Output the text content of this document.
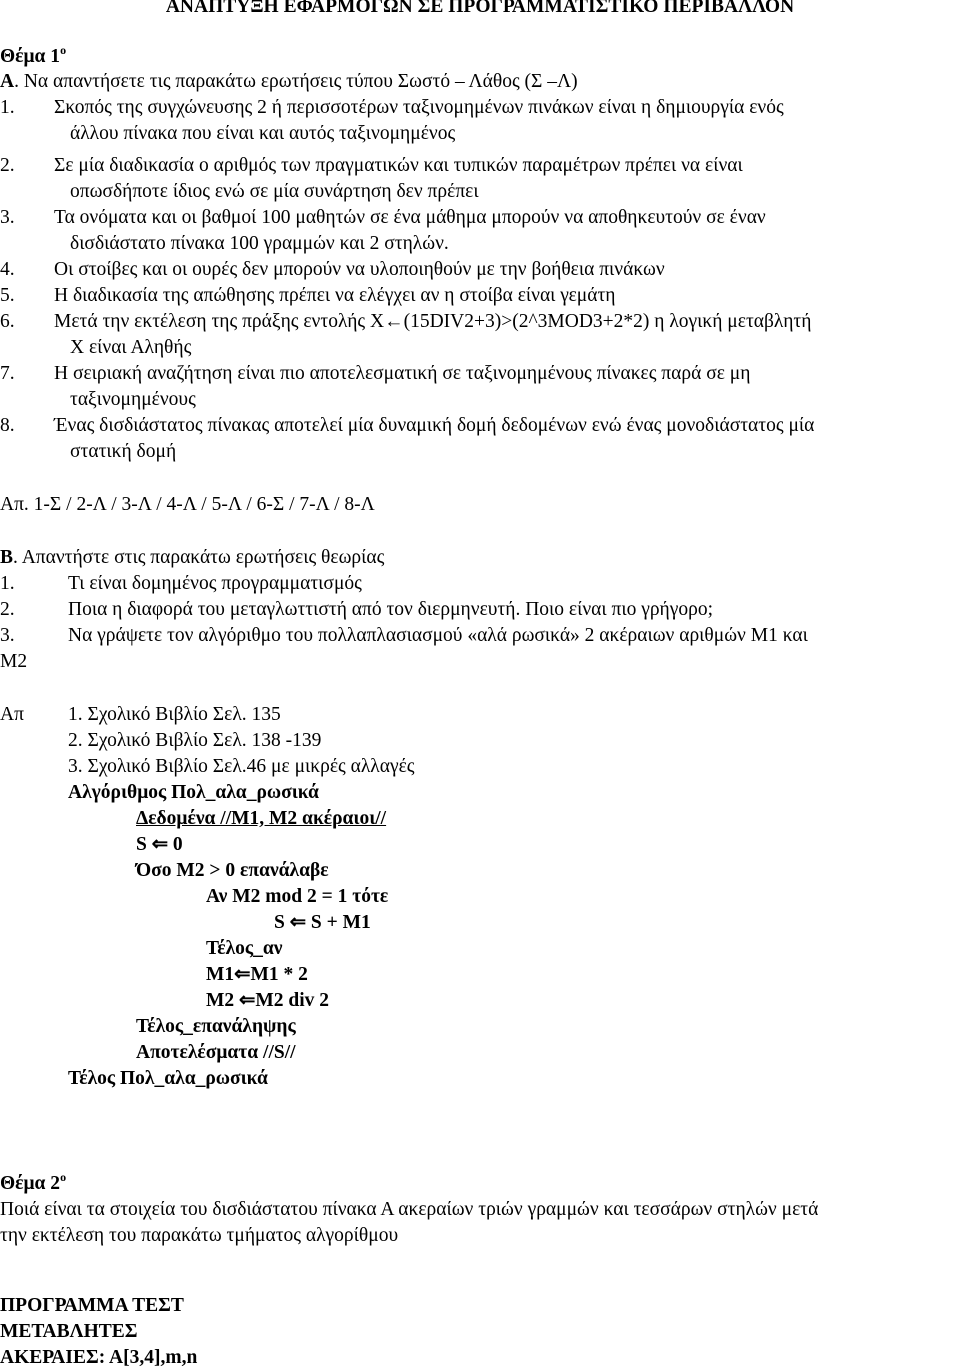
ΑΝΑΠΤΥΞΗ ΕΦΑΡΜΟΓΩΝ ΣΕ ΠΡΟΓΡΑΜΜΑΤΙΣΤΙΚΟ ΠΕΡΙΒΑΛΛΟΝ
Θέμα $1^o$
Α. Να απαντήσετε τις παρακάτω ερωτήσεις τύπου Σωστό – Λάθος (Σ –Λ)
1. Σκοπός της συγχώνευσης 2 ή περισσοτέρων ταξινομημένων πινάκων είναι η δημιουργία ενός
άλλου πίνακα που είναι και αυτός ταξινομημένος
2. Σε μία διαδικασία ο αριθμός των πραγματικών και τυπικών παραμέτρων πρέπει να είναι
οπωσδήποτε ίδιος ενώ σε μία συνάρτηση δεν πρέπει
3. Τα ονόματα και οι βαθμοί 100 μαθητών σε ένα μάθημα μπορούν να αποθηκευτούν σε έναν
δισδιάστατο πίνακα 100 γραμμών και 2 στηλών.
4. Οι στοίβες και οι ουρές δεν μπορούν να υλοποιηθούν με την βοήθεια πινάκων
5. Η διαδικασία της απώθησης πρέπει να ελέγχει αν η στοίβα είναι γεμάτη
6. Μετά την εκτέλεση της πράξης εντολής Χ←(15DIV2+3)>(2^3MOD3+2*2) η λογική μεταβλητή
Χ είναι Αληθής
7. Η σειριακή αναζήτηση είναι πιο αποτελεσματική σε ταξινομημένους πίνακες παρά σε μη
ταξινομημένους
8. Ένας δισδιάστατος πίνακας αποτελεί μία δυναμική δομή δεδομένων ενώ ένας μονοδιάστατος μία
στατική δομή
Απ. 1-Σ / 2-Λ / 3-Λ / 4-Λ / 5-Λ / 6-Σ / 7-Λ / 8-Λ
Β. Απαντήστε στις παρακάτω ερωτήσεις θεωρίας
1.	Τι είναι δομημένος προγραμματισμός
2.	Ποια η διαφορά του μεταγλωττιστή από τον διερμηνευτή. Ποιο είναι πιο γρήγορο;
3.	Να γράψετε τον αλγόριθμο του πολλαπλασιασμού «αλά ρωσικά» 2 ακέραιων αριθμών Μ1 και
Μ2
Απ 1. Σχολικό Βιβλίο Σελ. 135
2. Σχολικό Βιβλίο Σελ. 138 -139
3. Σχολικό Βιβλίο Σελ.46 με μικρές αλλαγές
Αλγόριθμος Πολ_αλα_ρωσικά
Δεδομένα //Μ1, Μ2 ακέραιοι//
S ⇐ 0
Όσο Μ2 > 0 επανάλαβε
Αν Μ2 mod 2 = 1 τότε
S ⇐ S + M1
Τέλος_αν
Μ1⇐Μ1 * 2
Μ2 ⇐Μ2 div 2
Τέλος_επανάληψης
Αποτελέσματα //S//
Τέλος Πολ_αλα_ρωσικά
Θέμα $2^o$
Ποιά είναι τα στοιχεία του δισδιάστατου πίνακα Α ακεραίων τριών γραμμών και τεσσάρων στηλών μετά
την εκτέλεση του παρακάτω τμήματος αλγορίθμου
ΠΡΟΓΡΑΜΜΑ ΤΕΣΤ
ΜΕΤΑΒΛΗΤΕΣ
ΑΚΕΡΑΙΕΣ: Α[3,4],m,n
